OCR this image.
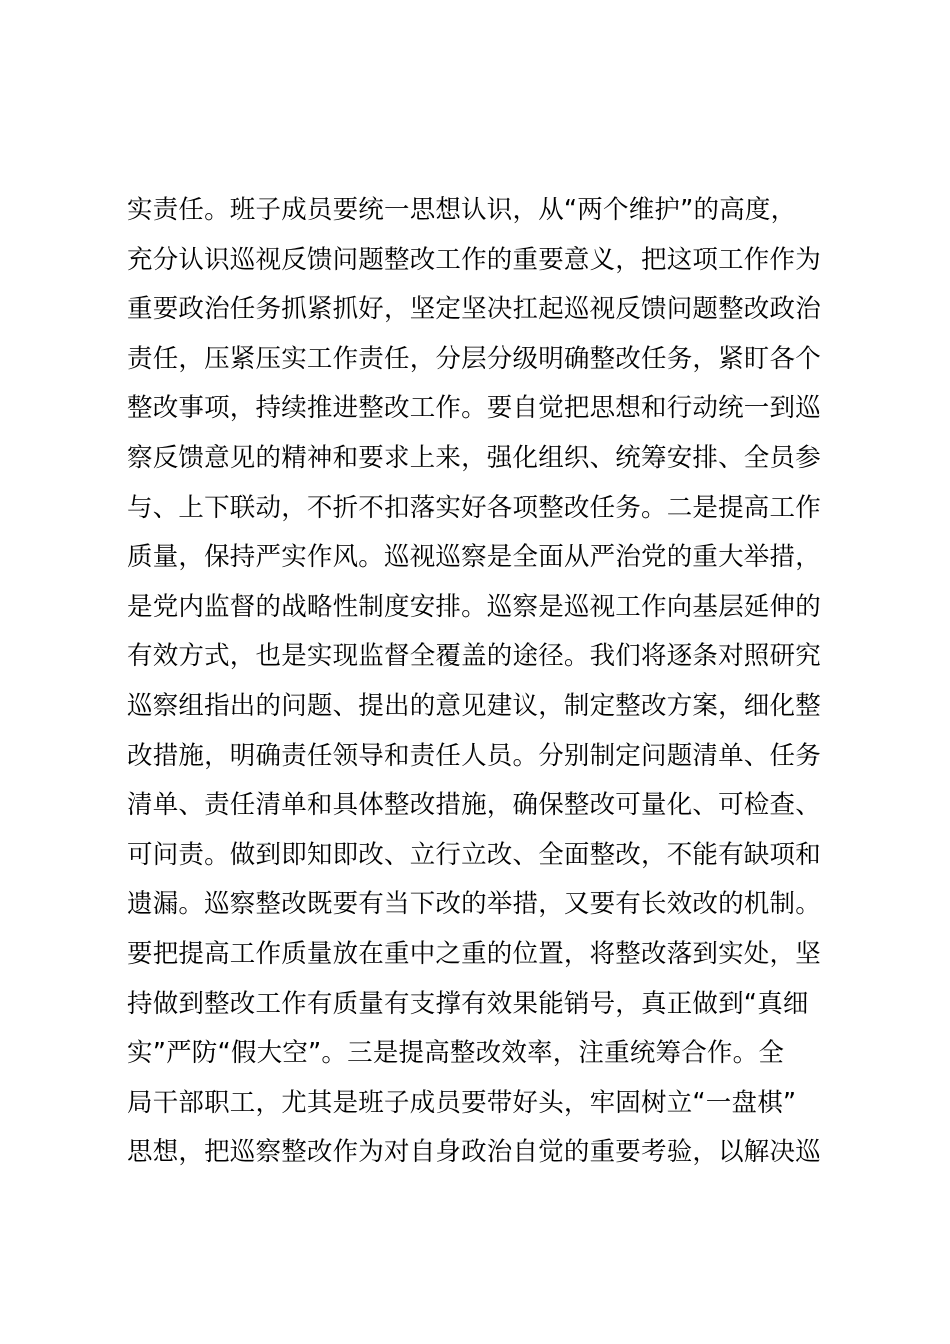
实责任。班子成员要统一思想认识，从“两个维护”的高度，
充分认识巡视反馈问题整改工作的重要意义，把这项工作作为
重要政治任务抓紧抓好，坚定坚决扛起巡视反馈问题整改政治
责任，压紧压实工作责任，分层分级明确整改任务，紧盯各个
整改事项，持续推进整改工作。要自觉把思想和行动统一到巡
察反馈意见的精神和要求上来，强化组织、统筹安排、全员参
与、上下联动，不折不扣落实好各项整改任务。二是提高工作
质量，保持严实作风。巡视巡察是全面从严治党的重大举措，
是党内监督的战略性制度安排。巡察是巡视工作向基层延伸的
有效方式，也是实现监督全覆盖的途径。我们将逐条对照研究
巡察组指出的问题、提出的意见建议，制定整改方案，细化整
改措施，明确责任领导和责任人员。分别制定问题清单、任务
清单、责任清单和具体整改措施，确保整改可量化、可检查、
可问责。做到即知即改、立行立改、全面整改，不能有缺项和
遗漏。巡察整改既要有当下改的举措，又要有长效改的机制。
要把提高工作质量放在重中之重的位置，将整改落到实处，坚
持做到整改工作有质量有支撑有效果能销号，真正做到“真细
实”严防“假大空”。三是提高整改效率，注重统筹合作。全
局干部职工，尤其是班子成员要带好头，牢固树立“一盘棋”
思想，把巡察整改作为对自身政治自觉的重要考验，以解决巡
